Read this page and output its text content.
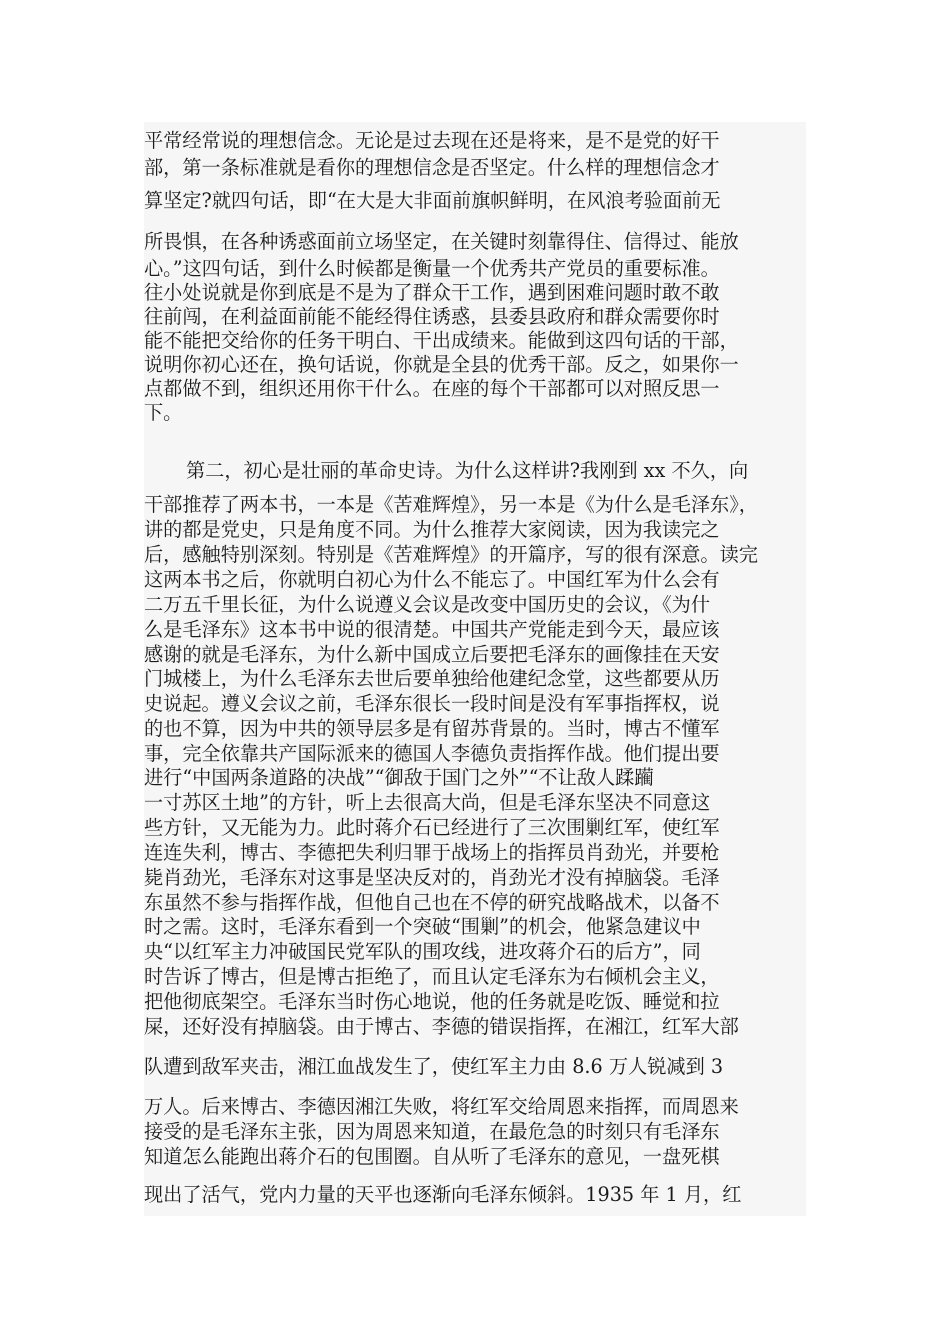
平常经常说的理想信念。无论是过去现在还是将来，是不是党的好干
部，第一条标准就是看你的理想信念是否坚定。什么样的理想信念才
算坚定?就四句话，即“在大是大非面前旗帜鲜明，在风浪考验面前无
所畏惧，在各种诱惑面前立场坚定，在关键时刻靠得住、信得过、能放
心。”这四句话，到什么时候都是衡量一个优秀共产党员的重要标准。
往小处说就是你到底是不是为了群众干工作，遇到困难问题时敢不敢
往前闯，在利益面前能不能经得住诱惑，县委县政府和群众需要你时
能不能把交给你的任务干明白、干出成绩来。能做到这四句话的干部，
说明你初心还在，换句话说，你就是全县的优秀干部。反之，如果你一
点都做不到，组织还用你干什么。在座的每个干部都可以对照反思一
下。
第二，初心是壮丽的革命史诗。为什么这样讲?我刚到 xx 不久，向
干部推荐了两本书，一本是《苦难辉煌》，另一本是《为什么是毛泽东》，
讲的都是党史，只是角度不同。为什么推荐大家阅读，因为我读完之
后，感触特别深刻。特别是《苦难辉煌》的开篇序，写的很有深意。读完
这两本书之后，你就明白初心为什么不能忘了。中国红军为什么会有
二万五千里长征，为什么说遵义会议是改变中国历史的会议，《为什
么是毛泽东》这本书中说的很清楚。中国共产党能走到今天，最应该
感谢的就是毛泽东，为什么新中国成立后要把毛泽东的画像挂在天安
门城楼上，为什么毛泽东去世后要单独给他建纪念堂，这些都要从历
史说起。遵义会议之前，毛泽东很长一段时间是没有军事指挥权，说
的也不算，因为中共的领导层多是有留苏背景的。当时，博古不懂军
事，完全依靠共产国际派来的德国人李德负责指挥作战。他们提出要
进行“中国两条道路的决战”“御敌于国门之外”“不让敌人蹂躏
一寸苏区土地”的方针，听上去很高大尚，但是毛泽东坚决不同意这
些方针，又无能为力。此时蒋介石已经进行了三次围剿红军，使红军
连连失利，博古、李德把失利归罪于战场上的指挥员肖劲光，并要枪
毙肖劲光，毛泽东对这事是坚决反对的，肖劲光才没有掉脑袋。毛泽
东虽然不参与指挥作战，但他自己也在不停的研究战略战术，以备不
时之需。这时，毛泽东看到一个突破“围剿”的机会，他紧急建议中
央“以红军主力冲破国民党军队的围攻线，进攻蒋介石的后方”，同
时告诉了博古，但是博古拒绝了，而且认定毛泽东为右倾机会主义，
把他彻底架空。毛泽东当时伤心地说，他的任务就是吃饭、睡觉和拉
屎，还好没有掉脑袋。由于博古、李德的错误指挥，在湘江，红军大部
队遭到敌军夹击，湘江血战发生了，使红军主力由 8.6 万人锐减到 3
万人。后来博古、李德因湘江失败，将红军交给周恩来指挥，而周恩来
接受的是毛泽东主张，因为周恩来知道，在最危急的时刻只有毛泽东
知道怎么能跑出蒋介石的包围圈。自从听了毛泽东的意见，一盘死棋
现出了活气，党内力量的天平也逐渐向毛泽东倾斜。1935 年 1 月，红
